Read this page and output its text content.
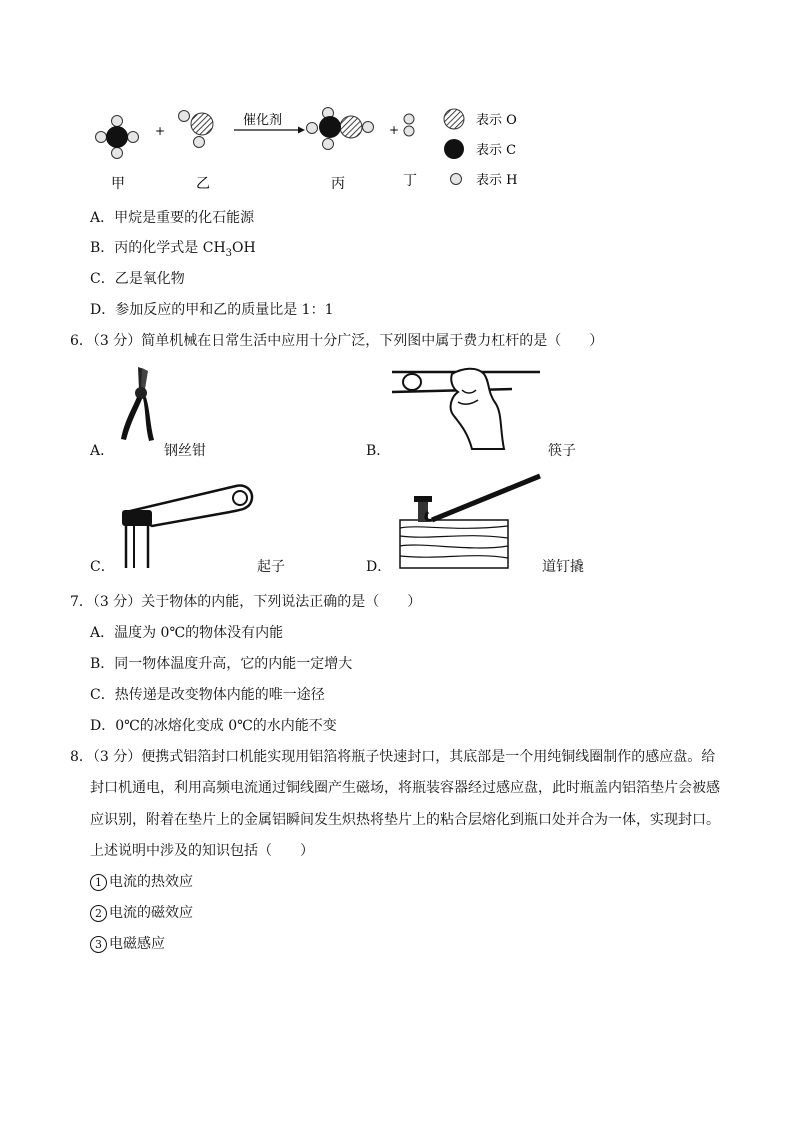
+
催化剂
+
表示 O
表示 C
表示 H
甲	乙	丙	丁
A．甲烷是重要的化石能源
B．丙的化学式是 $CH_3OH$
C．乙是氧化物
D．参加反应的甲和乙的质量比是 1：1
6．（3 分）简单机械在日常生活中应用十分广泛，下列图中属于费力杠杆的是（　　）
A．	钢丝钳	B．	筷子
C．	起子	D．	道钉撬
7．（3 分）关于物体的内能，下列说法正确的是（　　）
A．温度为 0℃的物体没有内能
B．同一物体温度升高，它的内能一定增大
C．热传递是改变物体内能的唯一途径
D．0℃的冰熔化变成 0℃的水内能不变
8．（3 分）便携式铝箔封口机能实现用铝箔将瓶子快速封口，其底部是一个用纯铜线圈制作的感应盘。给
封口机通电，利用高频电流通过铜线圈产生磁场，将瓶装容器经过感应盘，此时瓶盖内铝箔垫片会被感
应识别，附着在垫片上的金属铝瞬间发生炽热将垫片上的粘合层熔化到瓶口处并合为一体，实现封口。
上述说明中涉及的知识包括（　　）
1 电流的热效应
2 电流的磁效应
3 电磁感应
